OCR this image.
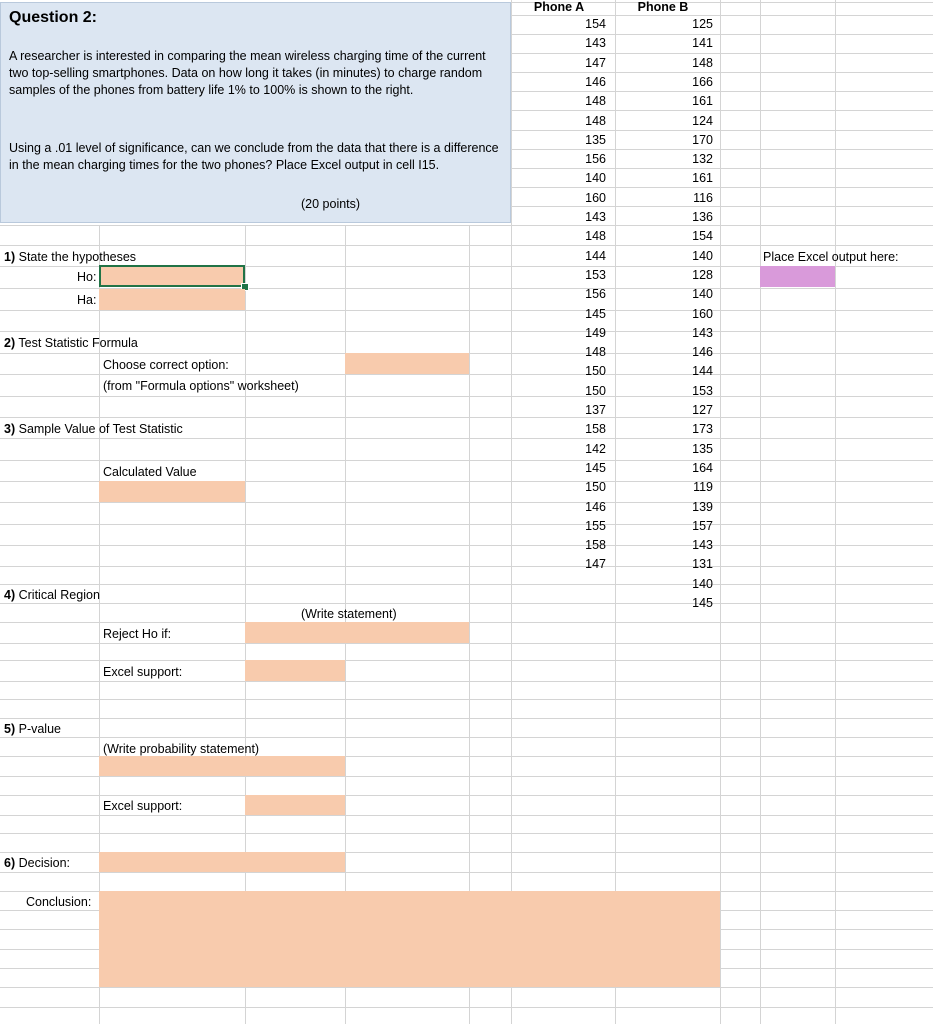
Question 2:
A researcher is interested in comparing the mean wireless charging time of the current two top-selling smartphones. Data on how long it takes (in minutes) to charge random samples of the phones from battery life 1% to 100% is shown to the right.
Using a .01 level of significance, can we conclude from the data that there is a difference in the mean charging times for the two phones? Place Excel output in cell I15.
(20 points)
1) State the hypotheses
Ho:
Ha:
2) Test Statistic Formula
Choose correct option:
(from "Formula options" worksheet)
3) Sample Value of Test Statistic
Calculated Value
4) Critical Region
(Write statement)
Reject Ho if:
Excel support:
5) P-value
(Write probability statement)
Excel support:
6) Decision:
Conclusion:
Place Excel output here:
Phone A	Phone B
154
143
147
146
148
148
135
156
140
160
143
148
144
153
156
145
149
148
150
150
137
158
142
145
150
146
155
158
147
125
141
148
166
161
124
170
132
161
116
136
154
140
128
140
160
143
146
144
153
127
173
135
164
119
139
157
143
131
140
145
